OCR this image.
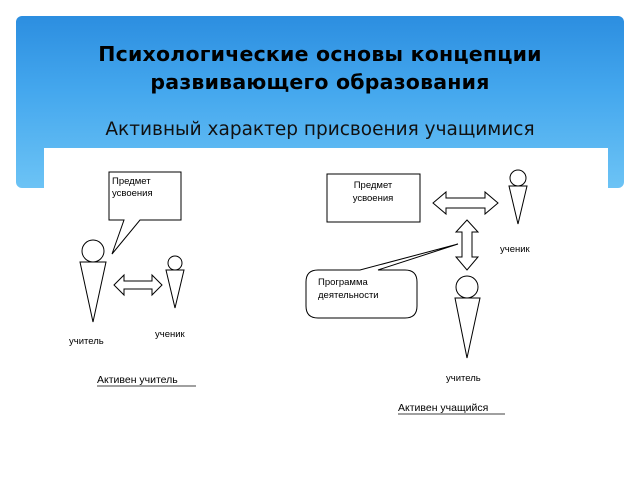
Психологические основы концепции развивающего образования
Активный характер присвоения учащимися
Предмет
усвоения
ученик
учитель
Активен учитель
Предмет
усвоения
ученик
Программа
деятельности
учитель
Активен учащийся
